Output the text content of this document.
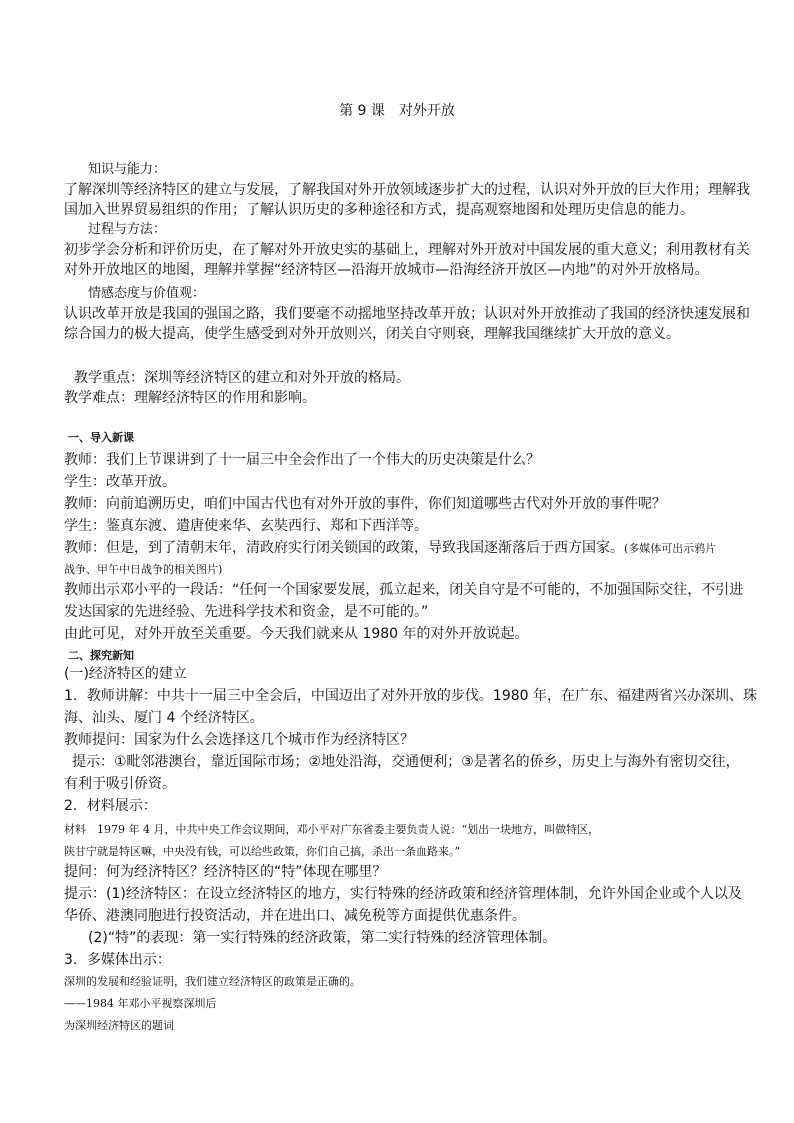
第 9 课　对外开放
知识与能力：
了解深圳等经济特区的建立与发展，了解我国对外开放领域逐步扩大的过程，认识对外开放的巨大作用；理解我
国加入世界贸易组织的作用；了解认识历史的多种途径和方式，提高观察地图和处理历史信息的能力。
过程与方法：
初步学会分析和评价历史，在了解对外开放史实的基础上，理解对外开放对中国发展的重大意义；利用教材有关
对外开放地区的地图，理解并掌握“经济特区—沿海开放城市—沿海经济开放区—内地”的对外开放格局。
情感态度与价值观：
认识改革开放是我国的强国之路，我们要毫不动摇地坚持改革开放；认识对外开放推动了我国的经济快速发展和
综合国力的极大提高，使学生感受到对外开放则兴，闭关自守则衰，理解我国继续扩大开放的意义。
教学重点：深圳等经济特区的建立和对外开放的格局。
教学难点：理解经济特区的作用和影响。
一、导入新课
教师：我们上节课讲到了十一届三中全会作出了一个伟大的历史决策是什么？
学生：改革开放。
教师：向前追溯历史，咱们中国古代也有对外开放的事件，你们知道哪些古代对外开放的事件呢？
学生：鉴真东渡、遣唐使来华、玄奘西行、郑和下西洋等。
教师：但是，到了清朝末年，清政府实行闭关锁国的政策，导致我国逐渐落后于西方国家。(多媒体可出示鸦片
战争、甲午中日战争的相关图片)
教师出示邓小平的一段话：“任何一个国家要发展，孤立起来，闭关自守是不可能的，不加强国际交往，不引进
发达国家的先进经验、先进科学技术和资金，是不可能的。”
由此可见，对外开放至关重要。今天我们就来从 1980 年的对外开放说起。
二、探究新知
(一)经济特区的建立
1．教师讲解：中共十一届三中全会后，中国迈出了对外开放的步伐。1980 年，在广东、福建两省兴办深圳、珠
海、汕头、厦门 4 个经济特区。
教师提问：国家为什么会选择这几个城市作为经济特区？
提示：①毗邻港澳台，靠近国际市场；②地处沿海，交通便利；③是著名的侨乡，历史上与海外有密切交往，
有利于吸引侨资。
2．材料展示：
材料　1979 年 4 月，中共中央工作会议期间，邓小平对广东省委主要负责人说：“划出一块地方，叫做特区，
陕甘宁就是特区嘛，中央没有钱，可以给些政策，你们自己搞，杀出一条血路来。”
提问：何为经济特区？经济特区的“特”体现在哪里？
提示：(1)经济特区：在设立经济特区的地方，实行特殊的经济政策和经济管理体制，允许外国企业或个人以及
华侨、港澳同胞进行投资活动，并在进出口、减免税等方面提供优惠条件。
(2)“特”的表现：第一实行特殊的经济政策，第二实行特殊的经济管理体制。
3．多媒体出示：
深圳的发展和经验证明，我们建立经济特区的政策是正确的。
——1984 年邓小平视察深圳后
为深圳经济特区的题词
